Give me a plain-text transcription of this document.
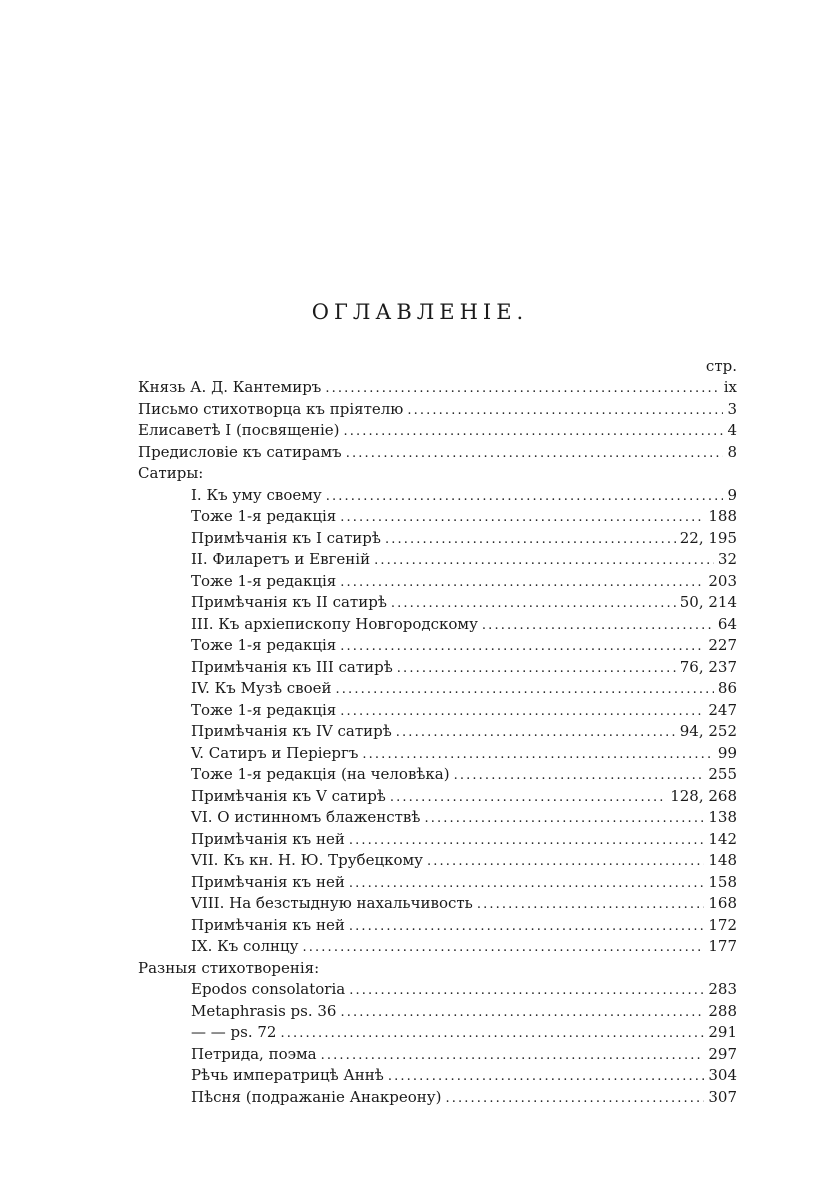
ОГЛАВЛЕНІЕ.
стр.
Князь А. Д. Кантемиръ . . .	ix
Письмо стихотворца къ пріятелю . . .	3
Елисаветѣ I (посвященіе) . . .	4
Предисловіе къ сатирамъ . . .	8
Сатиры:
I. Къ уму своему . . .	9
Тоже 1-я редакція . . .	188
Примѣчанія къ I сатирѣ . . .	22, 195
II. Филаретъ и Евгеній . . .	32
Тоже 1-я редакція . . .	203
Примѣчанія къ II сатирѣ . . .	50, 214
III. Къ архіепископу Новгородскому . . .	64
Тоже 1-я редакція . . .	227
Примѣчанія къ III сатирѣ . . .	76, 237
IV. Къ Музѣ своей . . .	86
Тоже 1-я редакція . . .	247
Примѣчанія къ IV сатирѣ . . .	94, 252
V. Сатиръ и Періергъ . . .	99
Тоже 1-я редакція (на человѣка) . . .	255
Примѣчанія къ V сатирѣ . . .	128, 268
VI. О истинномъ блаженствѣ . . .	138
Примѣчанія къ ней . . .	142
VII. Къ кн. Н. Ю. Трубецкому . . .	148
Примѣчанія къ ней . . .	158
VIII. На безстыдную нахальчивость . . .	168
Примѣчанія къ ней . . .	172
IX. Къ солнцу . . .	177
Разныя стихотворенія:
Epodos consolatoria . . .	283
Metaphrasis ps. 36 . . .	288
— — ps. 72 . . .	291
Петрида, поэма . . .	297
Рѣчь императрицѣ Аннѣ . . .	304
Пѣсня (подражаніе Анакреону) . . .	307
